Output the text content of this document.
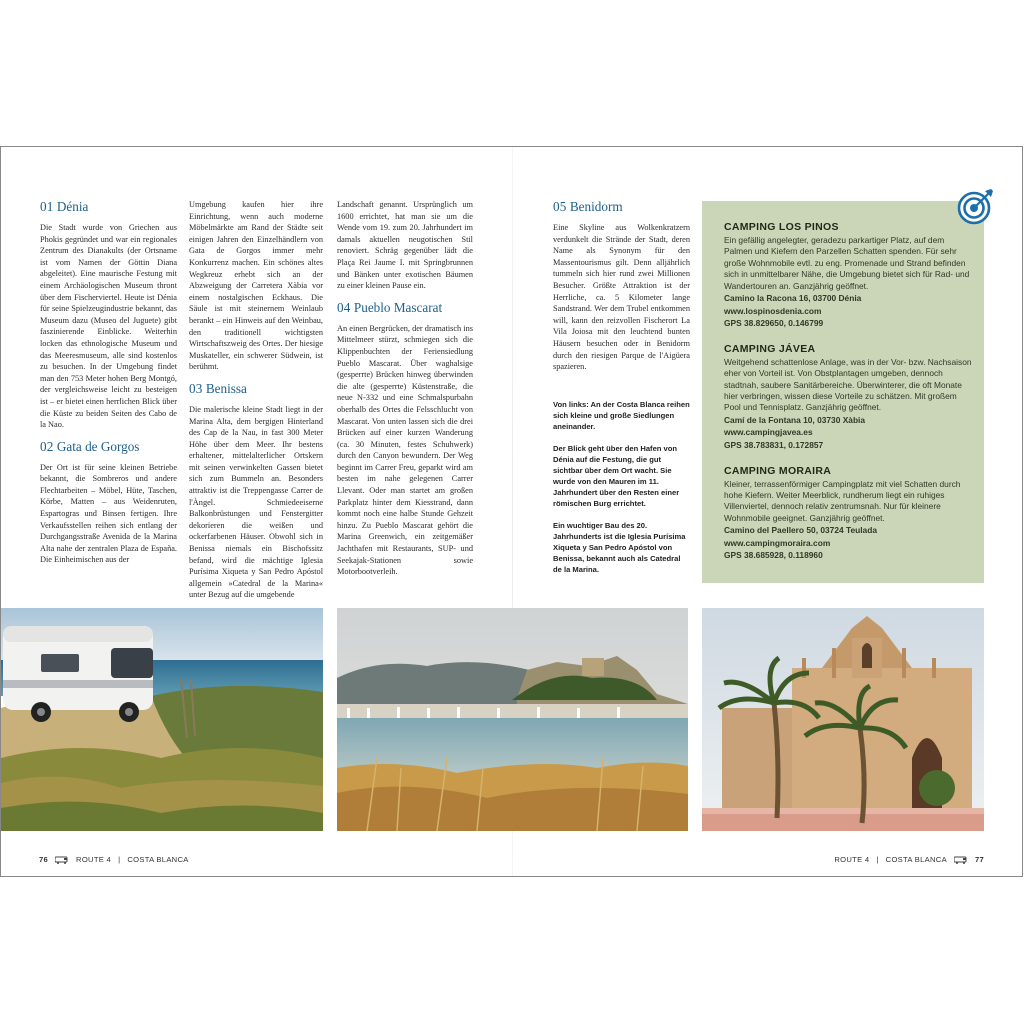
01 Dénia

Die Stadt wurde von Griechen aus Phokis gegründet und war ein regionales Zentrum des Dianakults (der Ortsname ist vom Namen der Göttin Diana abgeleitet). Eine maurische Festung mit einem Archäologischen Museum thront über dem Fischerviertel. Heute ist Dénia für seine Spielzeugindustrie bekannt, das Museum dazu (Museo del Juguete) gibt faszinierende Einblicke. Weiterhin locken das ethnologische Museum und das Meeresmuseum, alle sind kostenlos zu besuchen. In der Umgebung findet man den 753 Meter hohen Berg Montgó, der vergleichsweise leicht zu besteigen ist – er bietet einen herrlichen Blick über die Küste zu beiden Seiten des Cabo de la Nao.

02 Gata de Gorgos

Der Ort ist für seine kleinen Betriebe bekannt, die Sombreros und andere Flechtarbeiten – Möbel, Hüte, Taschen, Körbe, Matten – aus Weidenruten, Espartogras und Binsen fertigen. Ihre Verkaufsstellen reihen sich entlang der Durchgangsstraße Avenida de la Marina Alta nahe der zentralen Plaza de España. Die Einheimischen aus der

Umgebung kaufen hier ihre Einrichtung, wenn auch moderne Möbelmärkte am Rand der Städte seit einigen Jahren den Einzelhändlern von Gata de Gorgos immer mehr Konkurrenz machen. Ein schönes altes Wegkreuz erhebt sich an der Abzweigung der Carretera Xàbia vor einem nostalgischen Eckhaus. Die Säule ist mit steinernem Weinlaub berankt – ein Hinweis auf den Weinbau, den traditionell wichtigsten Wirtschaftszweig des Ortes. Der hiesige Muskateller, ein schwerer Südwein, ist berühmt.

03 Benissa

Die malerische kleine Stadt liegt in der Marina Alta, dem bergigen Hinterland des Cap de la Nau, in fast 300 Meter Höhe über dem Meer. Ihr bestens erhaltener, mittelalterlicher Ortskern mit seinen verwinkelten Gassen bietet sich zum Bummeln an. Besonders attraktiv ist die Treppengasse Carrer de l'Àngel. Schmiedeeiserne Balkonbrüstungen und Fenstergitter dekorieren die weißen und ockerfarbenen Häuser. Obwohl sich in Benissa niemals ein Bischofssitz befand, wird die mächtige Iglesia Purísima Xiqueta y San Pedro Apóstol allgemein »Catedral de la Marina« unter Bezug auf die umgebende

Landschaft genannt. Ursprünglich um 1600 errichtet, hat man sie um die Wende vom 19. zum 20. Jahrhundert im damals aktuellen neugotischen Stil renoviert. Schräg gegenüber lädt die Plaça Rei Jaume I. mit Springbrunnen und Bänken unter exotischen Bäumen zu einer kleinen Pause ein.

04 Pueblo Mascarat

An einen Bergrücken, der dramatisch ins Mittelmeer stürzt, schmiegen sich die Klippenbuchten der Feriensiedlung Pueblo Mascarat. Über waghalsige (gesperrte) Brücken hinweg überwinden die alte (gesperrte) Küstenstraße, die neue N-332 und eine Schmalspurbahn oberhalb des Ortes die Felsschlucht von Mascarat. Von unten lassen sich die drei Brücken auf einer kurzen Wanderung (ca. 30 Minuten, festes Schuhwerk) durch den Canyon bewundern. Der Weg beginnt im Carrer Freu, geparkt wird am besten im nahe gelegenen Carrer Llevant. Oder man startet am großen Parkplatz hinter dem Kiesstrand, dann kommt noch eine halbe Stunde Gehzeit hinzu. Zu Pueblo Mascarat gehört die Marina Greenwich, ein zeitgemäßer Jachthafen mit Restaurants, SUP- und Seekajak-Stationen sowie Motorbootverleih.

05 Benidorm

Eine Skyline aus Wolkenkratzern verdunkelt die Strände der Stadt, deren Name als Synonym für den Massentourismus gilt. Denn alljährlich tummeln sich hier rund zwei Millionen Besucher. Größte Attraktion ist der Herrliche, ca. 5 Kilometer lange Sandstrand. Wer dem Trubel entkommen will, kann den reizvollen Fischerort La Vila Joiosa mit den leuchtend bunten Häusern besuchen oder in Benidorm durch den riesigen Parque de l'Aigüera spazieren.

Von links: An der Costa Blanca reihen sich kleine und große Siedlungen aneinander.

Der Blick geht über den Hafen von Dénia auf die Festung, die gut sichtbar über dem Ort wacht. Sie wurde von den Mauren im 11. Jahrhundert über den Resten einer römischen Burg errichtet.

Ein wuchtiger Bau des 20. Jahrhunderts ist die Iglesia Purísima Xiqueta y San Pedro Apóstol von Benissa, bekannt auch als Catedral de la Marina.

CAMPING LOS PINOS

Ein gefällig angelegter, geradezu parkartiger Platz, auf dem Palmen und Kiefern den Parzellen Schatten spenden. Für sehr große Wohnmobile evtl. zu eng. Promenade und Strand befinden sich in unmittelbarer Nähe, die Umgebung bietet sich für Rad- und Wandertouren an. Ganzjährig geöffnet.

Camino la Racona 16, 03700 Dénia
www.lospinosdenia.com
GPS 38.829650, 0.146799

CAMPING JÁVEA

Weitgehend schattenlose Anlage, was in der Vor- bzw. Nachsaison eher von Vorteil ist. Von Obstplantagen umgeben, dennoch stadtnah, saubere Sanitärbereiche. Überwinterer, die oft Monate hier verbringen, wissen diese Vorteile zu schätzen. Mit großem Pool und Tennisplatz. Ganzjährig geöffnet.

Camí de la Fontana 10, 03730 Xàbia
www.campingjavea.es
GPS 38.783831, 0.172857

CAMPING MORAIRA

Kleiner, terrassenförmiger Campingplatz mit viel Schatten durch hohe Kiefern. Weiter Meerblick, rundherum liegt ein ruhiges Villenviertel, dennoch relativ zentrumsnah. Nur für kleinere Wohnmobile geeignet. Ganzjährig geöffnet.

Camino del Paellero 50, 03724 Teulada
www.campingmoraira.com
GPS 38.685928, 0.118960

76	ROUTE 4 | COSTA BLANCA	ROUTE 4 | COSTA BLANCA	77
